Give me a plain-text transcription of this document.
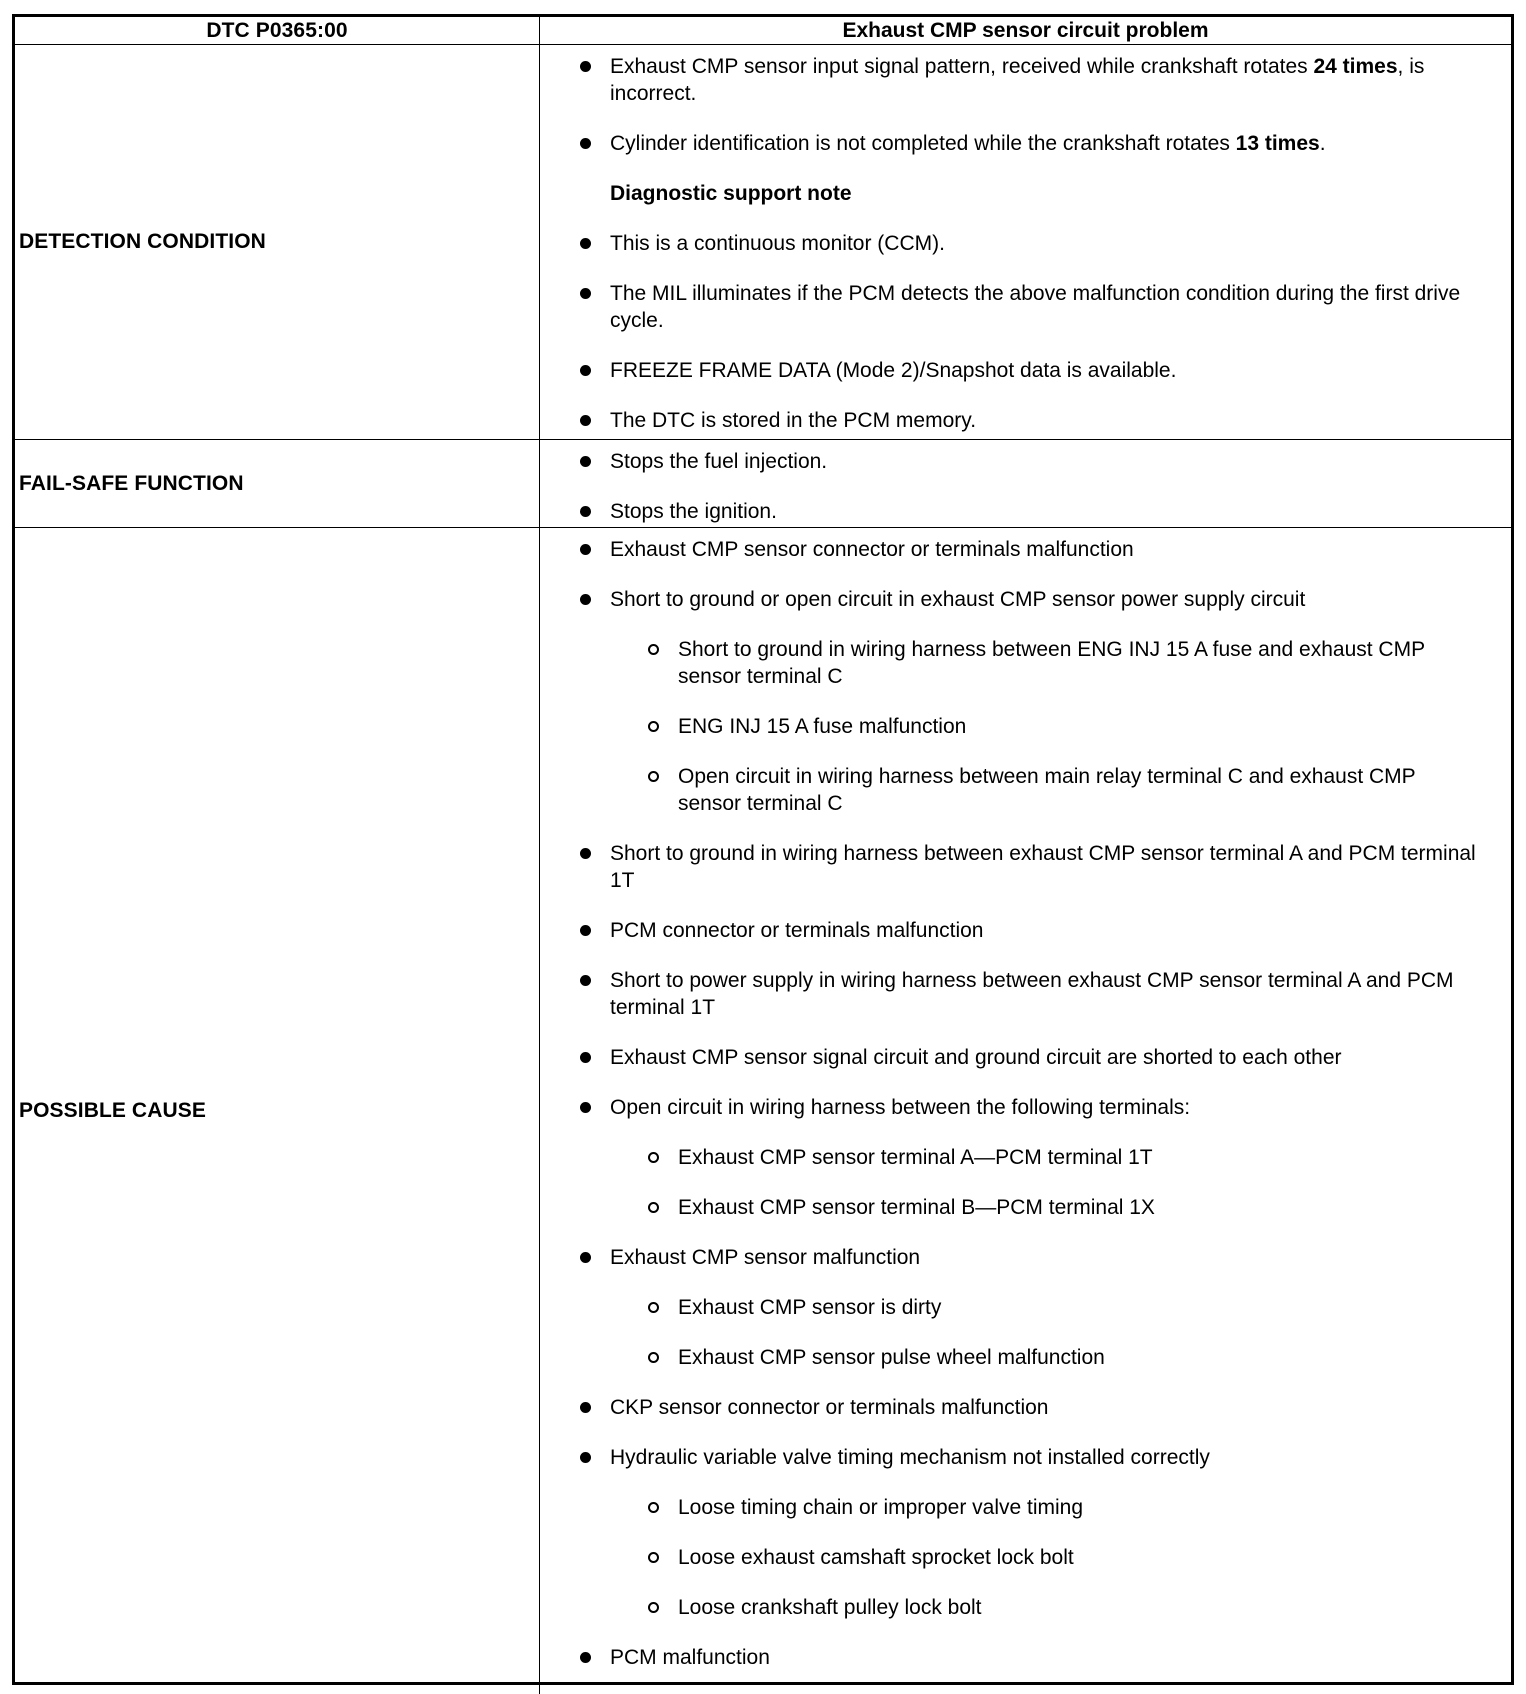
DTC P0365:00	Exhaust CMP sensor circuit problem
DETECTION CONDITION
Exhaust CMP sensor input signal pattern, received while crankshaft rotates 24 times, is incorrect.
Cylinder identification is not completed while the crankshaft rotates 13 times.
Diagnostic support note
This is a continuous monitor (CCM).
The MIL illuminates if the PCM detects the above malfunction condition during the first drive cycle.
FREEZE FRAME DATA (Mode 2)/Snapshot data is available.
The DTC is stored in the PCM memory.
FAIL-SAFE FUNCTION
Stops the fuel injection.
Stops the ignition.
POSSIBLE CAUSE
Exhaust CMP sensor connector or terminals malfunction
Short to ground or open circuit in exhaust CMP sensor power supply circuit
Short to ground in wiring harness between ENG INJ 15 A fuse and exhaust CMP sensor terminal C
ENG INJ 15 A fuse malfunction
Open circuit in wiring harness between main relay terminal C and exhaust CMP sensor terminal C
Short to ground in wiring harness between exhaust CMP sensor terminal A and PCM terminal 1T
PCM connector or terminals malfunction
Short to power supply in wiring harness between exhaust CMP sensor terminal A and PCM terminal 1T
Exhaust CMP sensor signal circuit and ground circuit are shorted to each other
Open circuit in wiring harness between the following terminals:
Exhaust CMP sensor terminal A—PCM terminal 1T
Exhaust CMP sensor terminal B—PCM terminal 1X
Exhaust CMP sensor malfunction
Exhaust CMP sensor is dirty
Exhaust CMP sensor pulse wheel malfunction
CKP sensor connector or terminals malfunction
Hydraulic variable valve timing mechanism not installed correctly
Loose timing chain or improper valve timing
Loose exhaust camshaft sprocket lock bolt
Loose crankshaft pulley lock bolt
PCM malfunction
